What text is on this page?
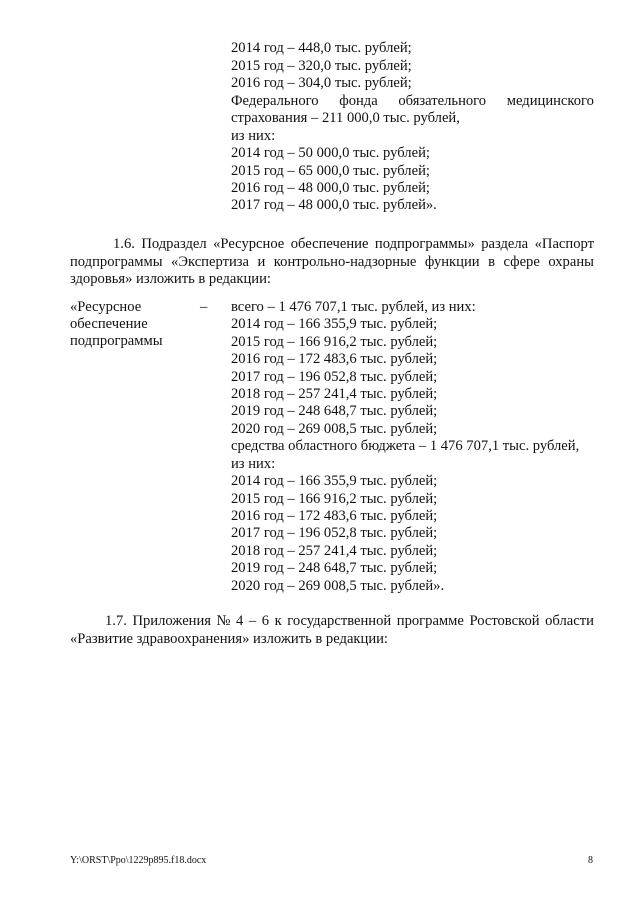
2014 год – 448,0 тыс. рублей;
2015 год – 320,0 тыс. рублей;
2016 год – 304,0 тыс. рублей;
Федерального фонда обязательного медицинского
страхования – 211 000,0 тыс. рублей,
из них:
2014 год – 50 000,0 тыс. рублей;
2015 год – 65 000,0 тыс. рублей;
2016 год – 48 000,0 тыс. рублей;
2017 год – 48 000,0 тыс. рублей».
1.6. Подраздел «Ресурсное обеспечение подпрограммы» раздела «Паспорт
подпрограммы «Экспертиза и контрольно-надзорные функции в сфере охраны
здоровья» изложить в редакции:
«Ресурсное
обеспечение
подпрограммы
– всего – 1 476 707,1 тыс. рублей, из них:
2014 год – 166 355,9 тыс. рублей;
2015 год – 166 916,2 тыс. рублей;
2016 год – 172 483,6 тыс. рублей;
2017 год – 196 052,8 тыс. рублей;
2018 год – 257 241,4 тыс. рублей;
2019 год – 248 648,7 тыс. рублей;
2020 год – 269 008,5 тыс. рублей;
средства областного бюджета – 1 476 707,1 тыс. рублей,
из них:
2014 год – 166 355,9 тыс. рублей;
2015 год – 166 916,2 тыс. рублей;
2016 год – 172 483,6 тыс. рублей;
2017 год – 196 052,8 тыс. рублей;
2018 год – 257 241,4 тыс. рублей;
2019 год – 248 648,7 тыс. рублей;
2020 год – 269 008,5 тыс. рублей».
1.7. Приложения № 4 – 6 к государственной программе Ростовской области
«Развитие здравоохранения» изложить в редакции:
Y:\ORST\Ppo\1229p895.f18.docx	8
